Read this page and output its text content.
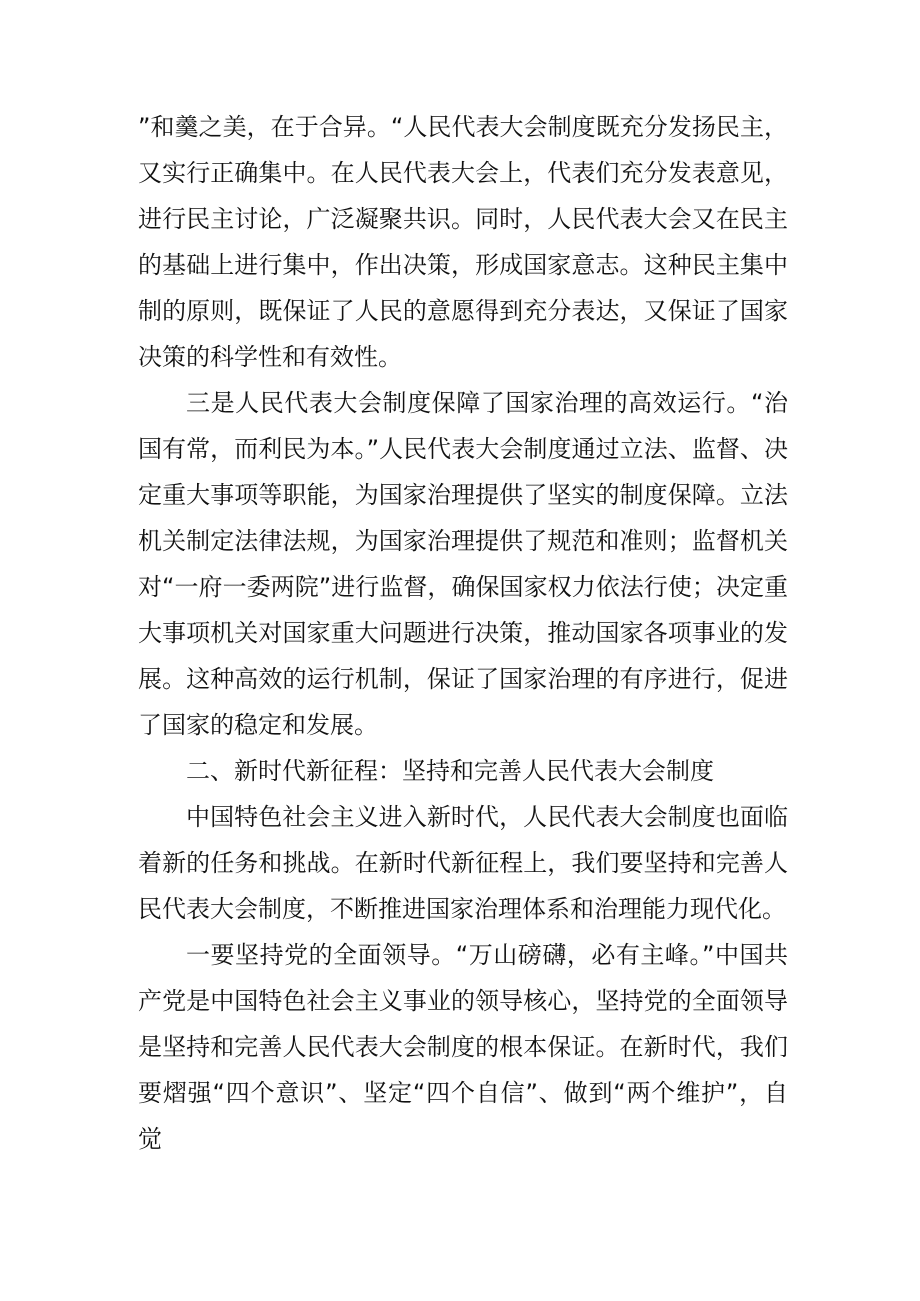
”和羹之美，在于合异。“人民代表大会制度既充分发扬民主，又实行正确集中。在人民代表大会上，代表们充分发表意见，进行民主讨论，广泛凝聚共识。同时，人民代表大会又在民主的基础上进行集中，作出决策，形成国家意志。这种民主集中制的原则，既保证了人民的意愿得到充分表达，又保证了国家决策的科学性和有效性。

三是人民代表大会制度保障了国家治理的高效运行。“治国有常，而利民为本。”人民代表大会制度通过立法、监督、决定重大事项等职能，为国家治理提供了坚实的制度保障。立法机关制定法律法规，为国家治理提供了规范和准则；监督机关对“一府一委两院”进行监督，确保国家权力依法行使；决定重大事项机关对国家重大问题进行决策，推动国家各项事业的发展。这种高效的运行机制，保证了国家治理的有序进行，促进了国家的稳定和发展。

二、新时代新征程：坚持和完善人民代表大会制度

中国特色社会主义进入新时代，人民代表大会制度也面临着新的任务和挑战。在新时代新征程上，我们要坚持和完善人民代表大会制度，不断推进国家治理体系和治理能力现代化。

一要坚持党的全面领导。“万山磅礴，必有主峰。”中国共产党是中国特色社会主义事业的领导核心，坚持党的全面领导是坚持和完善人民代表大会制度的根本保证。在新时代，我们要熠强“四个意识”、坚定“四个自信”、做到“两个维护”，自觉
